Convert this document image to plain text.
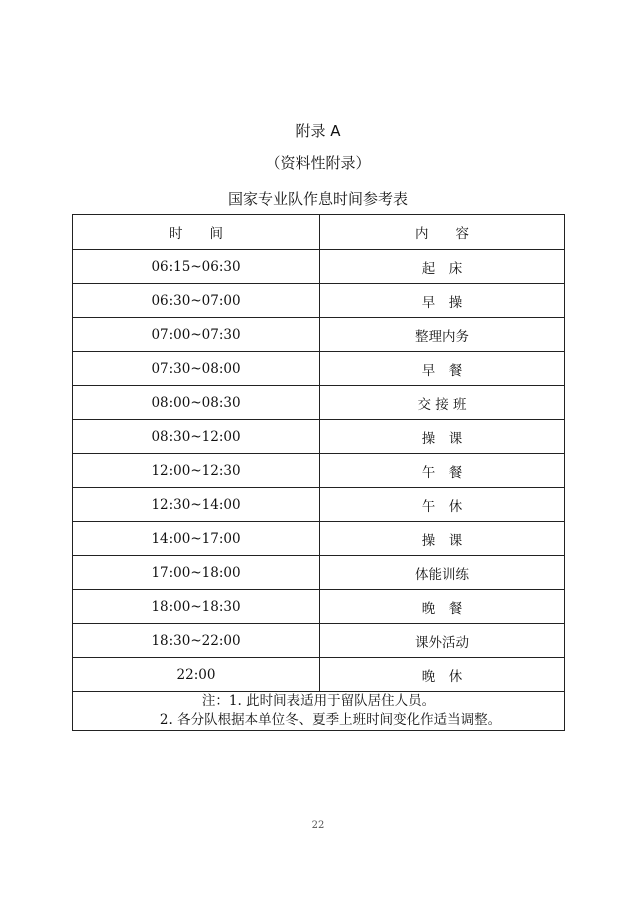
附录 A
（资料性附录）
国家专业队作息时间参考表
时　　间	内　　容
06:15~06:30	起　床
06:30~07:00	早　操
07:00~07:30	整理内务
07:30~08:00	早　餐
08:00~08:30	交 接 班
08:30~12:00	操　课
12:00~12:30	午　餐
12:30~14:00	午　休
14:00~17:00	操　课
17:00~18:00	体能训练
18:00~18:30	晚　餐
18:30~22:00	课外活动
22:00	晚　休

注：1. 此时间表适用于留队居住人员。
2. 各分队根据本单位冬、夏季上班时间变化作适当调整。	
22
